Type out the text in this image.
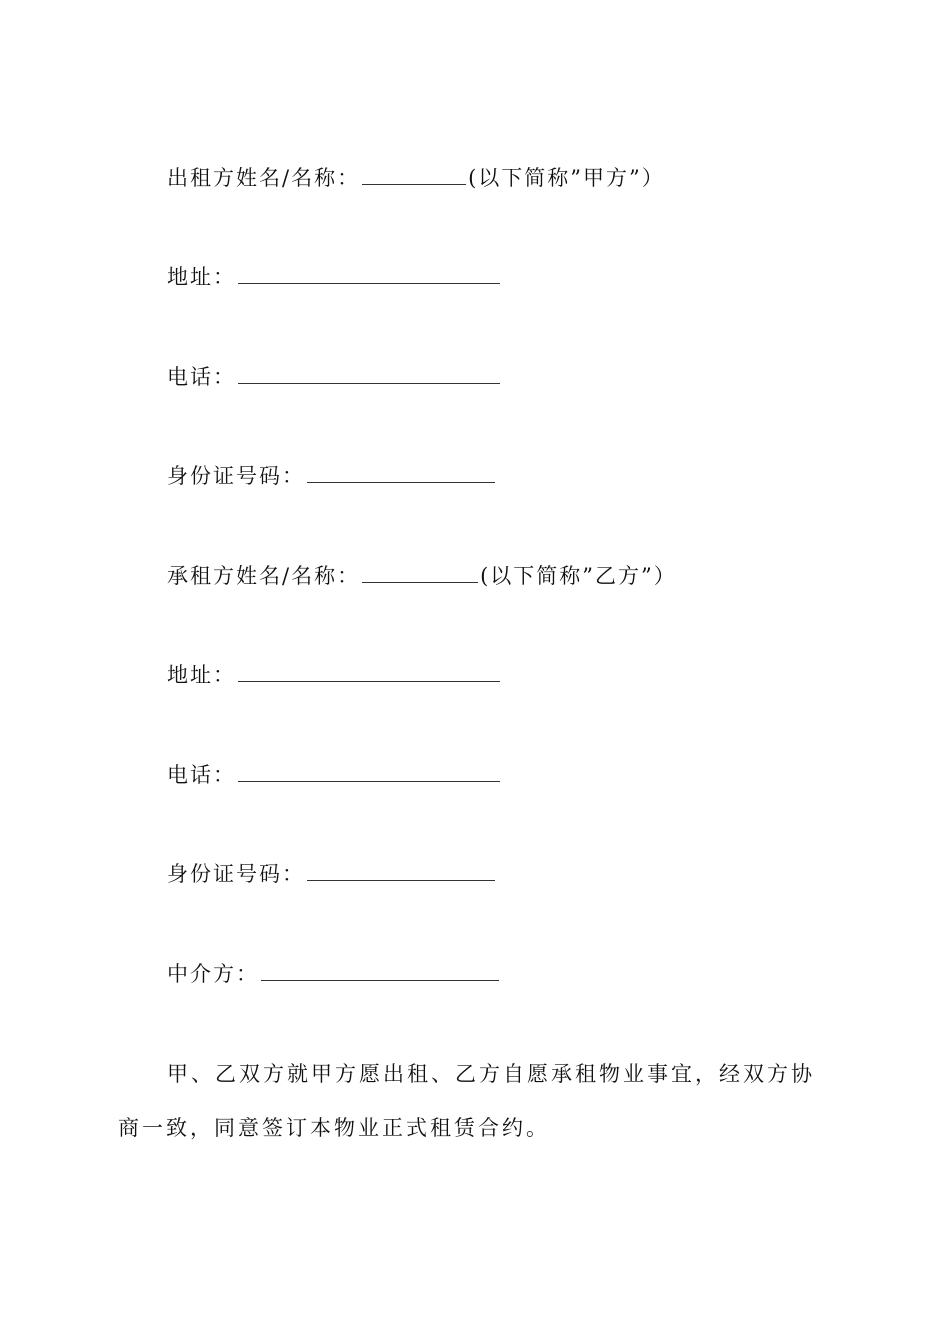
出租方姓名/名称：	(以下简称”甲方”）
地址：
电话：
身份证号码：
承租方姓名/名称：	(以下简称”乙方”）
地址：
电话：
身份证号码：
中介方：
甲、乙双方就甲方愿出租、乙方自愿承租物业事宜，经双方协
商一致，同意签订本物业正式租赁合约。
